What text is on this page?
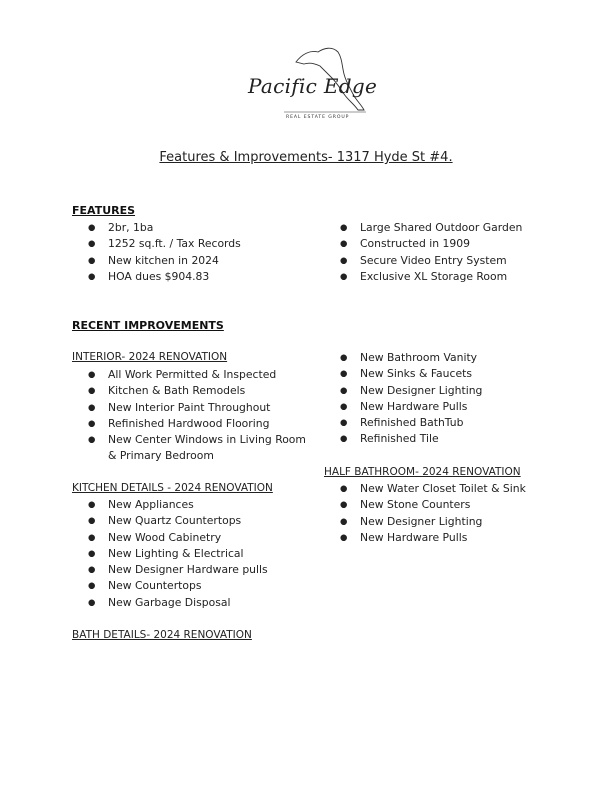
Pacific Edge
REAL ESTATE GROUP
Features & Improvements- 1317 Hyde St #4.
FEATURES
● 2br, 1ba
● 1252 sq.ft. / Tax Records
● New kitchen in 2024
● HOA dues $904.83
● Large Shared Outdoor Garden
● Constructed in 1909
● Secure Video Entry System
● Exclusive XL Storage Room
RECENT IMPROVEMENTS
INTERIOR- 2024 RENOVATION
● All Work Permitted & Inspected
● Kitchen & Bath Remodels
● New Interior Paint Throughout
● Refinished Hardwood Flooring
● New Center Windows in Living Room & Primary Bedroom
KITCHEN DETAILS - 2024 RENOVATION
● New Appliances
● New Quartz Countertops
● New Wood Cabinetry
● New Lighting & Electrical
● New Designer Hardware pulls
● New Countertops
● New Garbage Disposal
BATH DETAILS- 2024 RENOVATION
● New Bathroom Vanity
● New Sinks & Faucets
● New Designer Lighting
● New Hardware Pulls
● Refinished BathTub
● Refinished Tile
HALF BATHROOM- 2024 RENOVATION
● New Water Closet Toilet & Sink
● New Stone Counters
● New Designer Lighting
● New Hardware Pulls
